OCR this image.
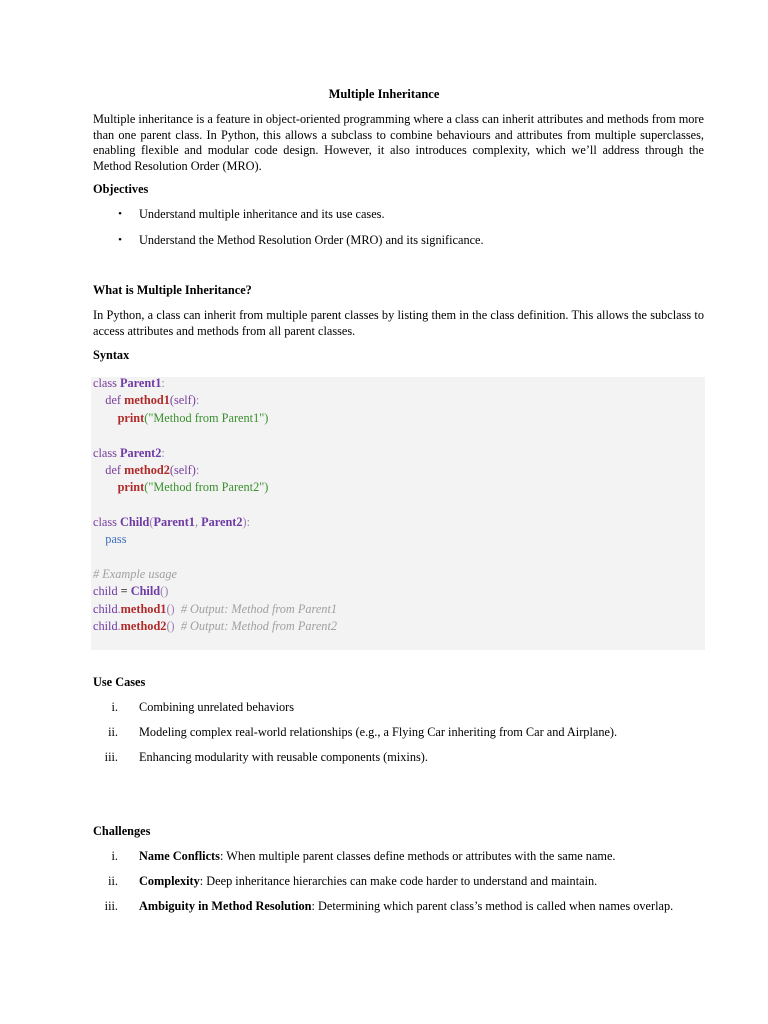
Multiple Inheritance
Multiple inheritance is a feature in object-oriented programming where a class can inherit attributes and methods from more than one parent class. In Python, this allows a subclass to combine behaviours and attributes from multiple superclasses, enabling flexible and modular code design. However, it also introduces complexity, which we’ll address through the Method Resolution Order (MRO).
Objectives
•	Understand multiple inheritance and its use cases.
•	Understand the Method Resolution Order (MRO) and its significance.
What is Multiple Inheritance?
In Python, a class can inherit from multiple parent classes by listing them in the class definition. This allows the subclass to access attributes and methods from all parent classes.
Syntax
class Parent1:
def method1(self):
print("Method from Parent1")
class Parent2:
def method2(self):
print("Method from Parent2")
class Child(Parent1, Parent2):
pass
# Example usage
child = Child()
child.method1() # Output: Method from Parent1
child.method2() # Output: Method from Parent2
Use Cases
i. Combining unrelated behaviors
ii. Modeling complex real-world relationships (e.g., a Flying Car inheriting from Car and Airplane).
iii. Enhancing modularity with reusable components (mixins).
Challenges
i. Name Conflicts: When multiple parent classes define methods or attributes with the same name.
ii. Complexity: Deep inheritance hierarchies can make code harder to understand and maintain.
iii. Ambiguity in Method Resolution: Determining which parent class’s method is called when names overlap.
